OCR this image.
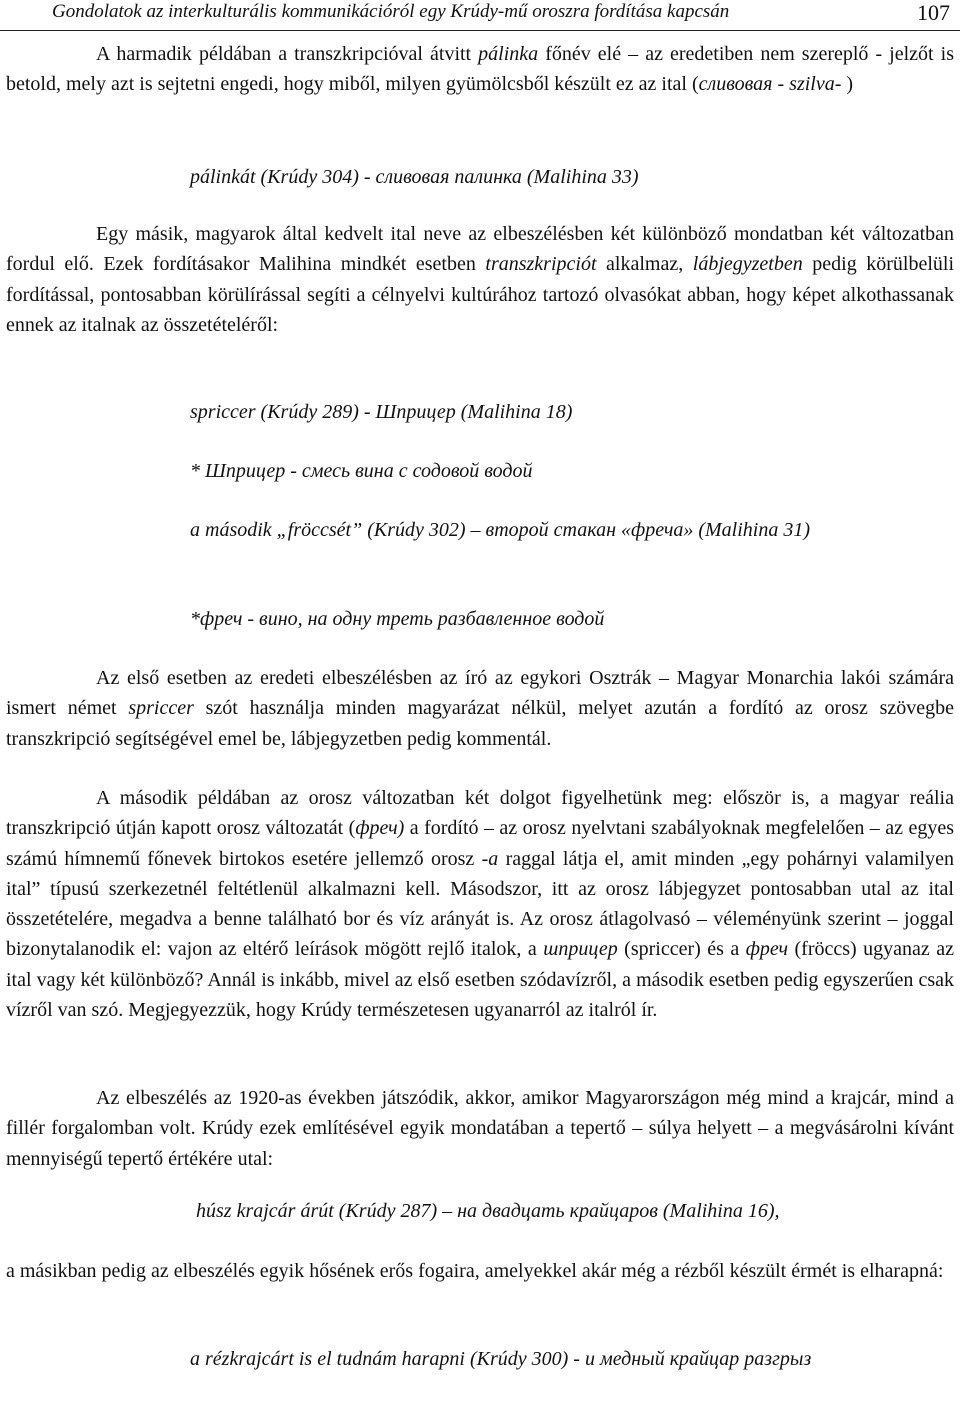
Gondolatok az interkulturális kommunikációról egy Krúdy-mű oroszra fordítása kapcsán	107

A harmadik példában a transzkripcióval átvitt pálinka főnév elé – az eredetiben nem szereplő - jelzőt is betold, mely azt is sejtetni engedi, hogy miből, milyen gyümölcsből készült ez az ital (сливовая - szilva- )

pálinkát (Krúdy 304) - сливовая палинка (Malihina 33)

Egy másik, magyarok által kedvelt ital neve az elbeszélésben két különböző mondatban két változatban fordul elő. Ezek fordításakor Malihina mindkét esetben transzkripciót alkalmaz, lábjegyzetben pedig körülbelüli fordítással, pontosabban körülírással segíti a célnyelvi kultúrához tartozó olvasókat abban, hogy képet alkothassanak ennek az italnak az összetételéről:

spriccer (Krúdy 289) - Шприцер (Malihina 18)
* Шприцер - смесь вина с содовой водой
a második „fröccsét” (Krúdy 302) – второй стакан «фреча» (Malihina 31)
*фреч - вино, на одну треть разбавленное водой

Az első esetben az eredeti elbeszélésben az író az egykori Osztrák – Magyar Monarchia lakói számára ismert német spriccer szót használja minden magyarázat nélkül, melyet azután a fordító az orosz szövegbe transzkripció segítségével emel be, lábjegyzetben pedig kommentál.

A második példában az orosz változatban két dolgot figyelhetünk meg: először is, a magyar reália transzkripció útján kapott orosz változatát (фреч) a fordító – az orosz nyelvtani szabályoknak megfelelően – az egyes számú hímnemű főnevek birtokos esetére jellemző orosz -a raggal látja el, amit minden „egy pohárnyi valamilyen ital” típusú szerkezetnél feltétlenül alkalmazni kell. Másodszor, itt az orosz lábjegyzet pontosabban utal az ital összetételére, megadva a benne található bor és víz arányát is. Az orosz átlagolvasó – véleményünk szerint – joggal bizonytalanodik el: vajon az eltérő leírások mögött rejlő italok, a шприцер (spriccer) és a фреч (fröccs) ugyanaz az ital vagy két különböző? Annál is inkább, mivel az első esetben szódavízről, a második esetben pedig egyszerűen csak vízről van szó. Megjegyezzük, hogy Krúdy természetesen ugyanarról az italról ír.

Az elbeszélés az 1920-as években játszódik, akkor, amikor Magyarországon még mind a krajcár, mind a fillér forgalomban volt. Krúdy ezek említésével egyik mondatában a tepertő – súlya helyett – a megvásárolni kívánt mennyiségű tepertő értékére utal:

húsz krajcár árút (Krúdy 287) – на двадцать крайцаров (Malihina 16),

a másikban pedig az elbeszélés egyik hősének erős fogaira, amelyekkel akár még a rézből készült érmét is elharapná:

a rézkrajcárt is el tudnám harapni (Krúdy 300) - и медный крайцар разгрыз
